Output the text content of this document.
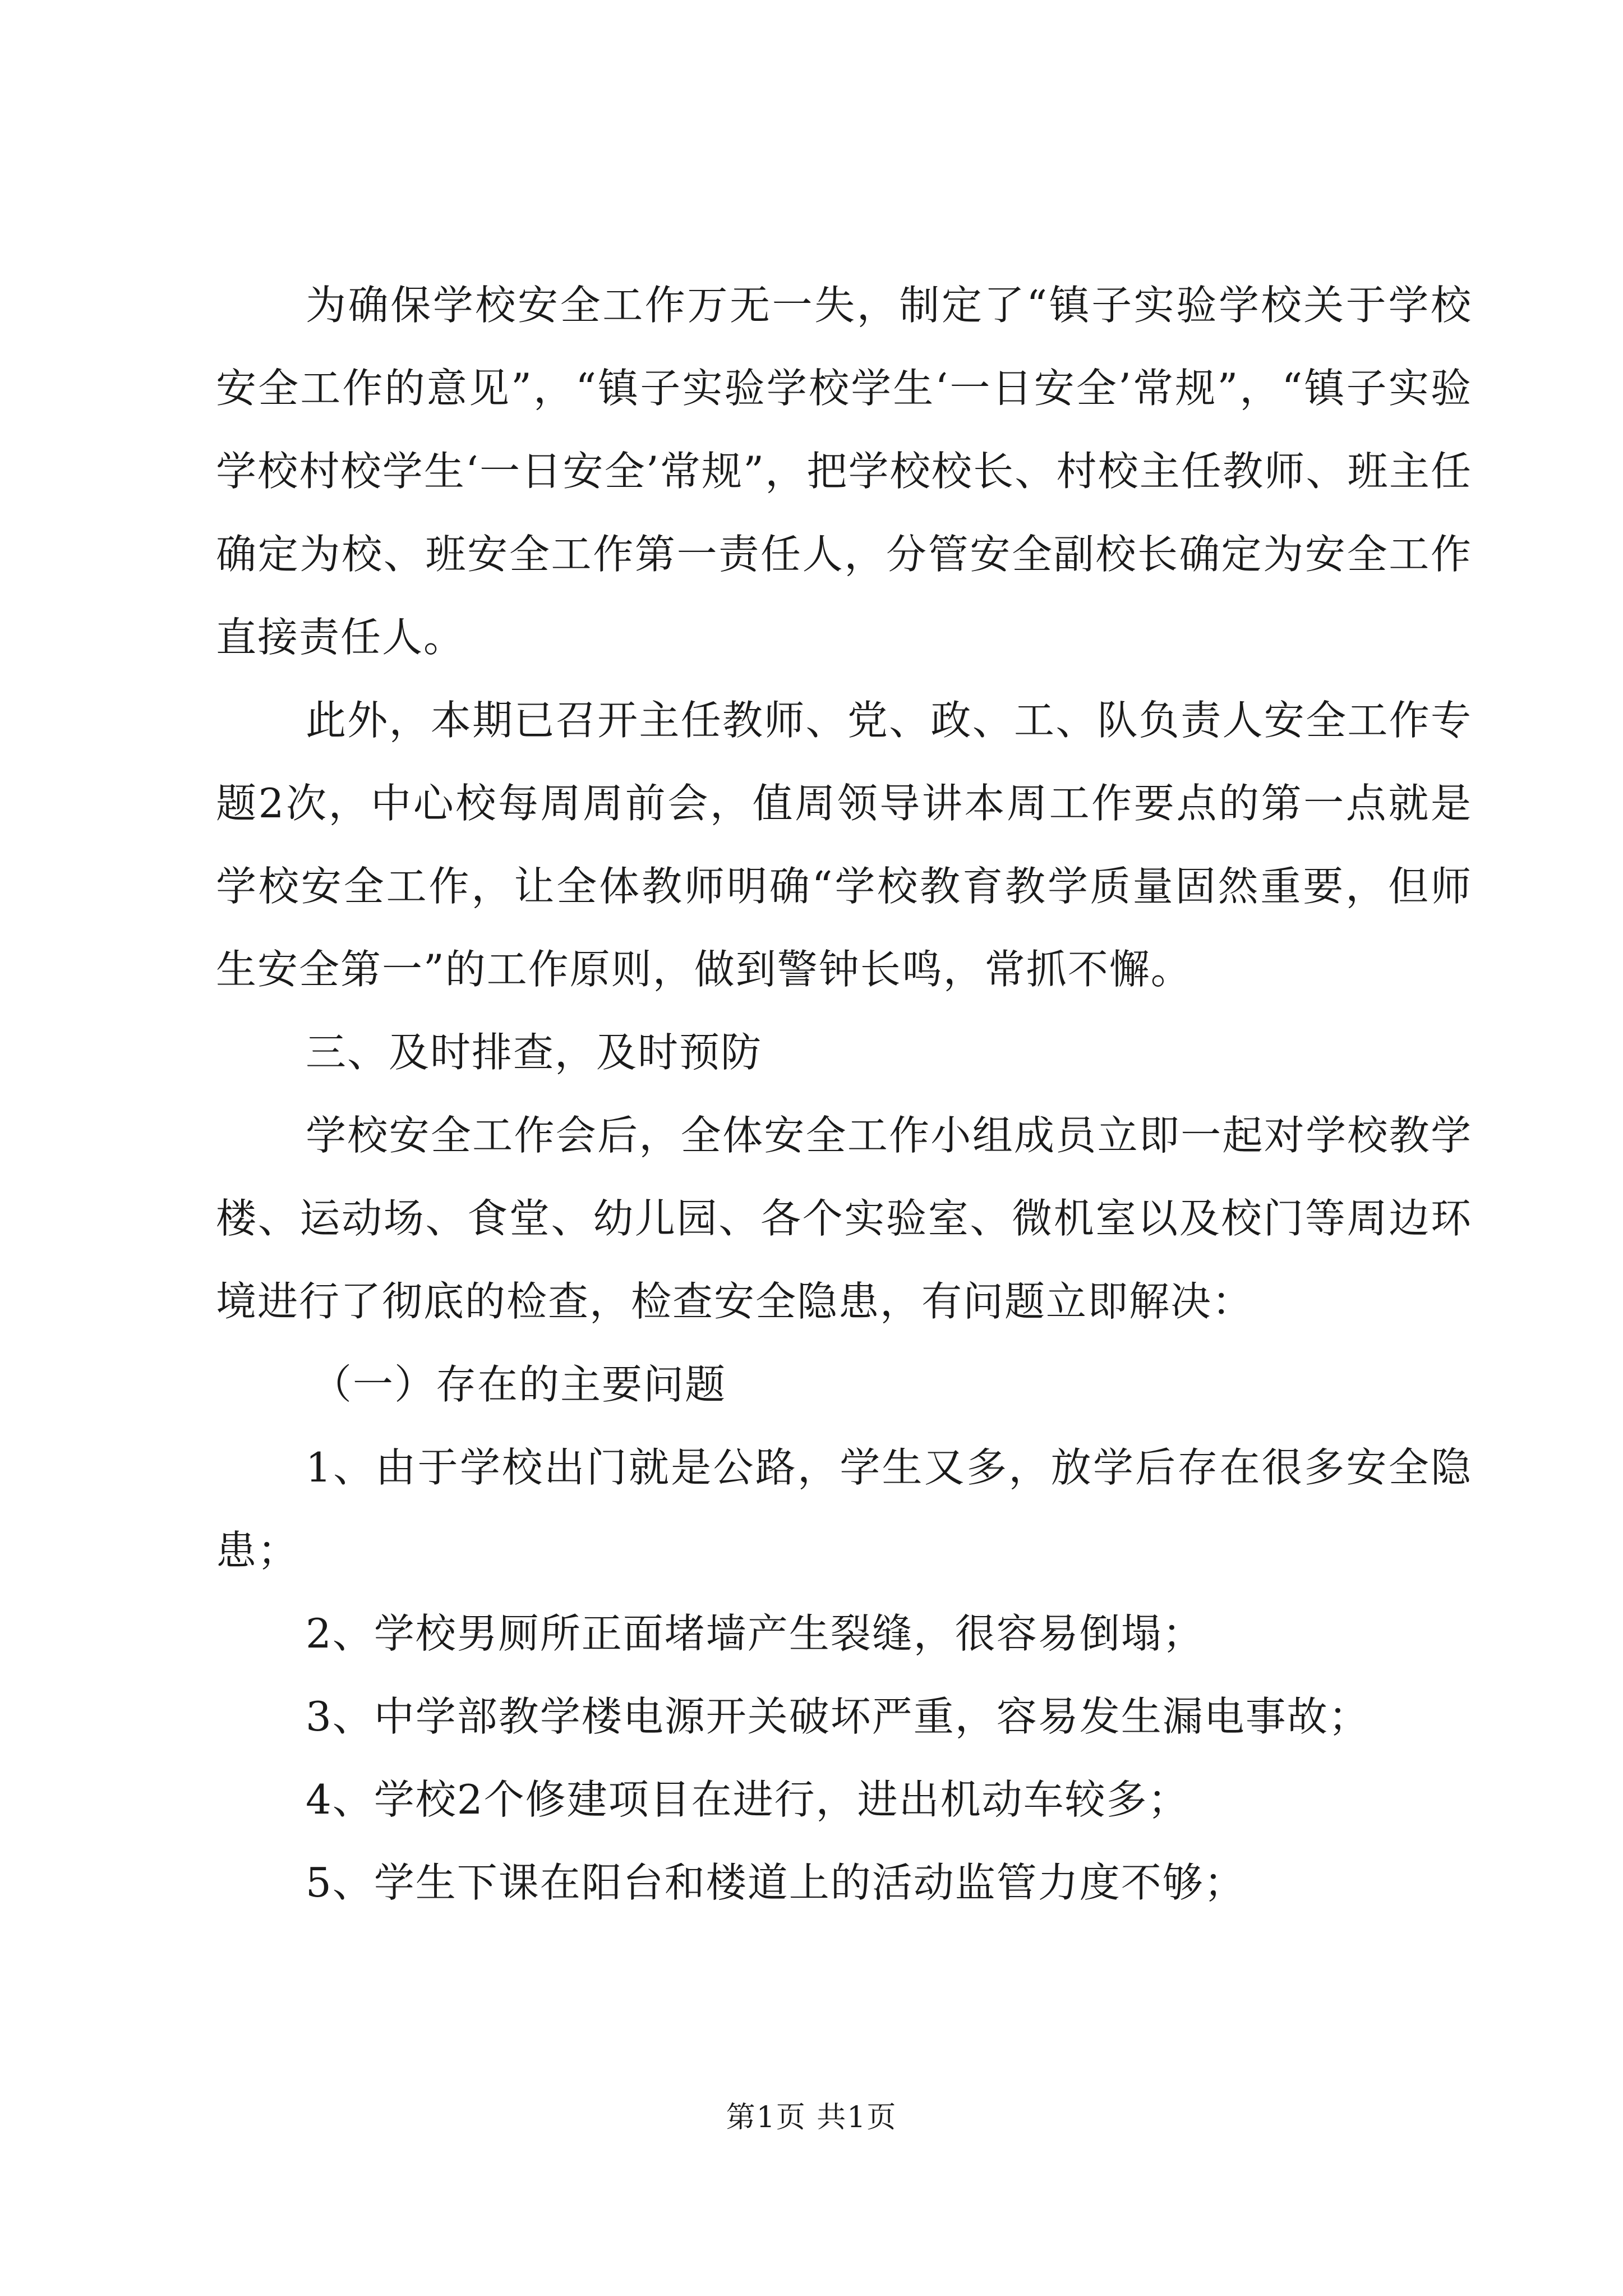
为确保学校安全工作万无一失，制定了“镇子实验学校关于学校安全工作的意见”，“镇子实验学校学生‘一日安全’常规”，“镇子实验学校村校学生‘一日安全’常规”，把学校校长、村校主任教师、班主任确定为校、班安全工作第一责任人，分管安全副校长确定为安全工作直接责任人。

此外，本期已召开主任教师、党、政、工、队负责人安全工作专题2次，中心校每周周前会，值周领导讲本周工作要点的第一点就是学校安全工作，让全体教师明确“学校教育教学质量固然重要，但师生安全第一”的工作原则，做到警钟长鸣，常抓不懈。

三、及时排查，及时预防

学校安全工作会后，全体安全工作小组成员立即一起对学校教学楼、运动场、食堂、幼儿园、各个实验室、微机室以及校门等周边环境进行了彻底的检查，检查安全隐患，有问题立即解决：

（一）存在的主要问题

1、由于学校出门就是公路，学生又多，放学后存在很多安全隐患；

2、学校男厕所正面堵墙产生裂缝，很容易倒塌；

3、中学部教学楼电源开关破坏严重，容易发生漏电事故；

4、学校2个修建项目在进行，进出机动车较多；

5、学生下课在阳台和楼道上的活动监管力度不够；

第1页 共1页
